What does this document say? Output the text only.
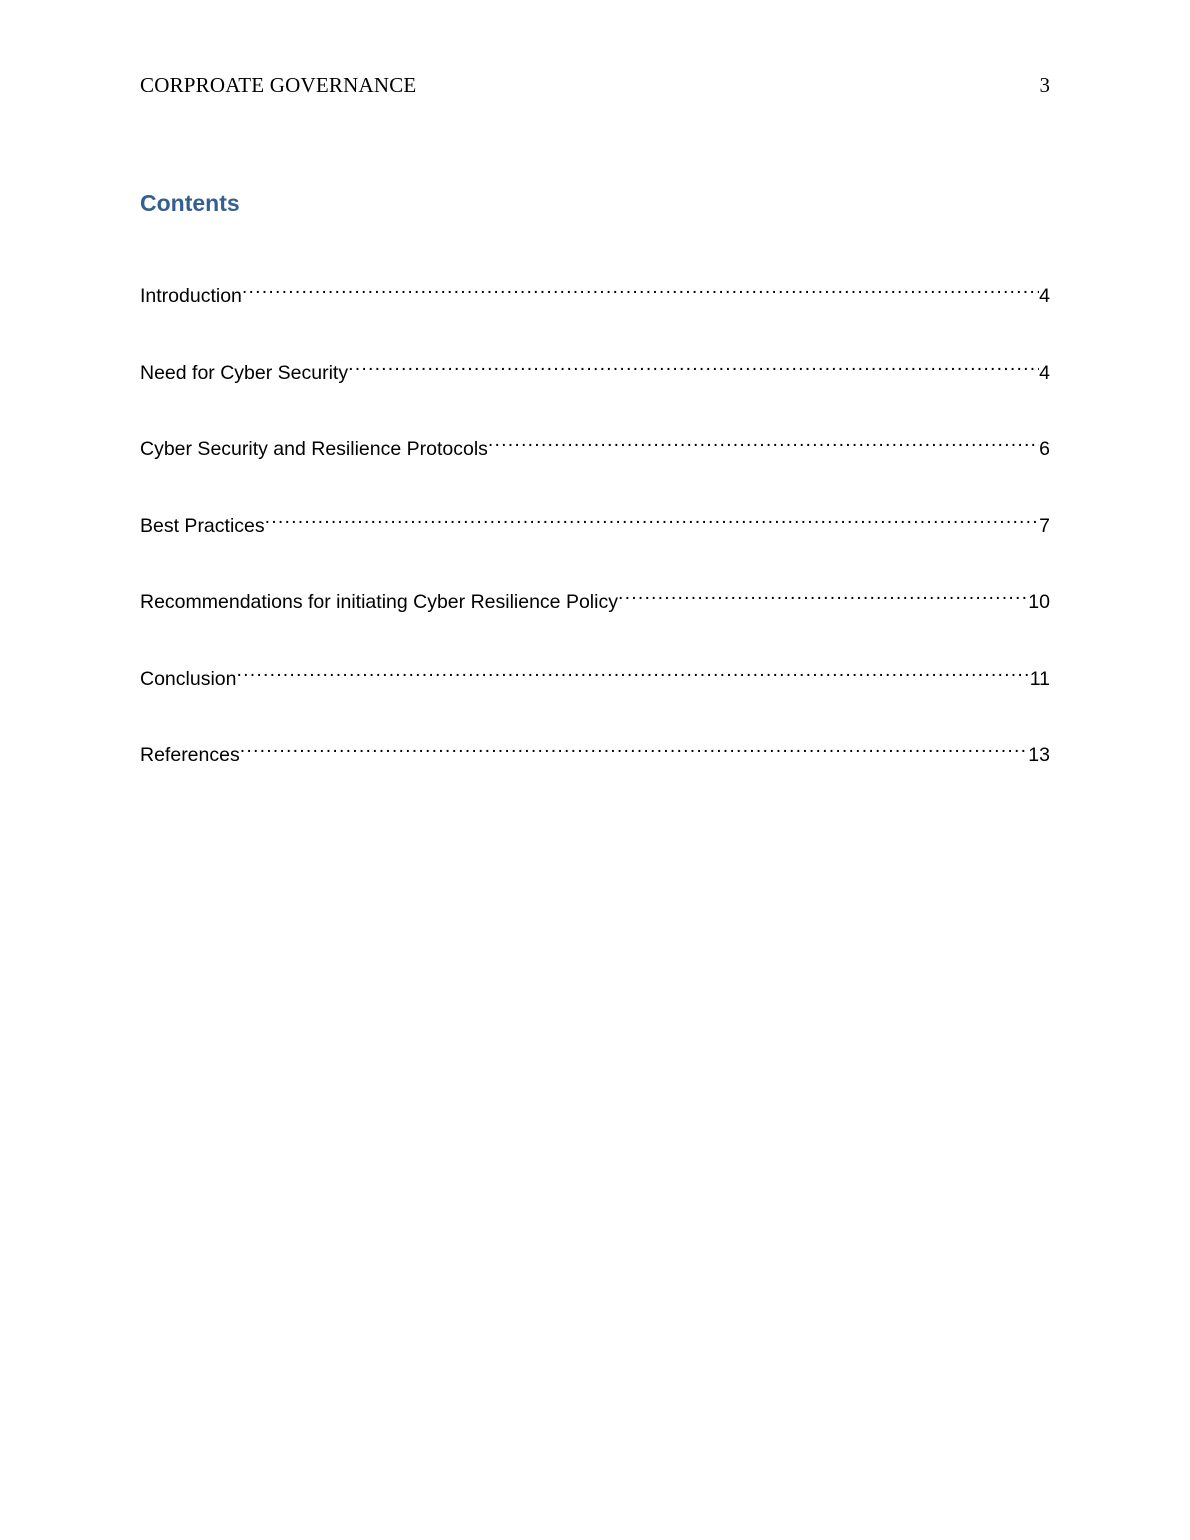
CORPROATE GOVERNANCE	3
Contents
Introduction .....	4
Need for Cyber Security .....	4
Cyber Security and Resilience Protocols .....	6
Best Practices .....	7
Recommendations for initiating Cyber Resilience Policy .....	10
Conclusion .....	11
References .....	13
